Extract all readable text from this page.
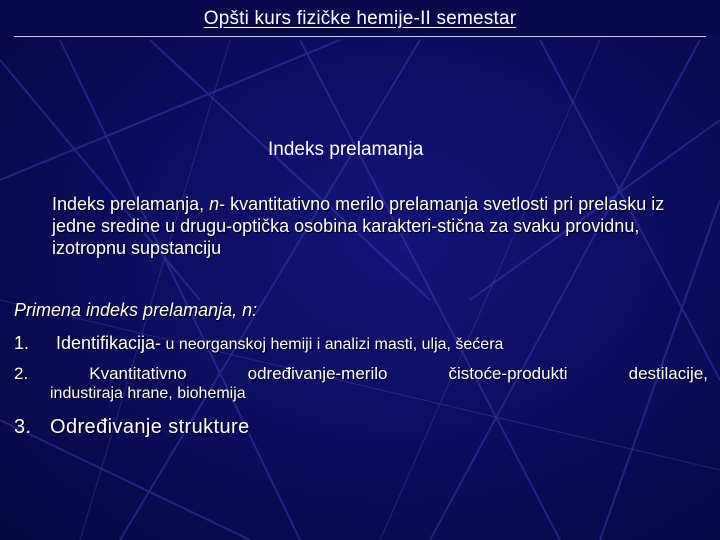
Opšti kurs fizičke hemije-II semestar
Indeks prelamanja
Indeks prelamanja, n- kvantitativno merilo prelamanja svetlosti pri prelasku iz jedne sredine u drugu-optička osobina karakteri-stična za svaku providnu, izotropnu supstanciju
Primena indeks prelamanja, n:
1. Identifikacija- u neorganskoj hemiji i analizi masti, ulja, šećera
2.	Kvantitativno	određivanje-merilo	čistoće-produkti	destilacije,
industiraja hrane, biohemija
3. Određivanje strukture
